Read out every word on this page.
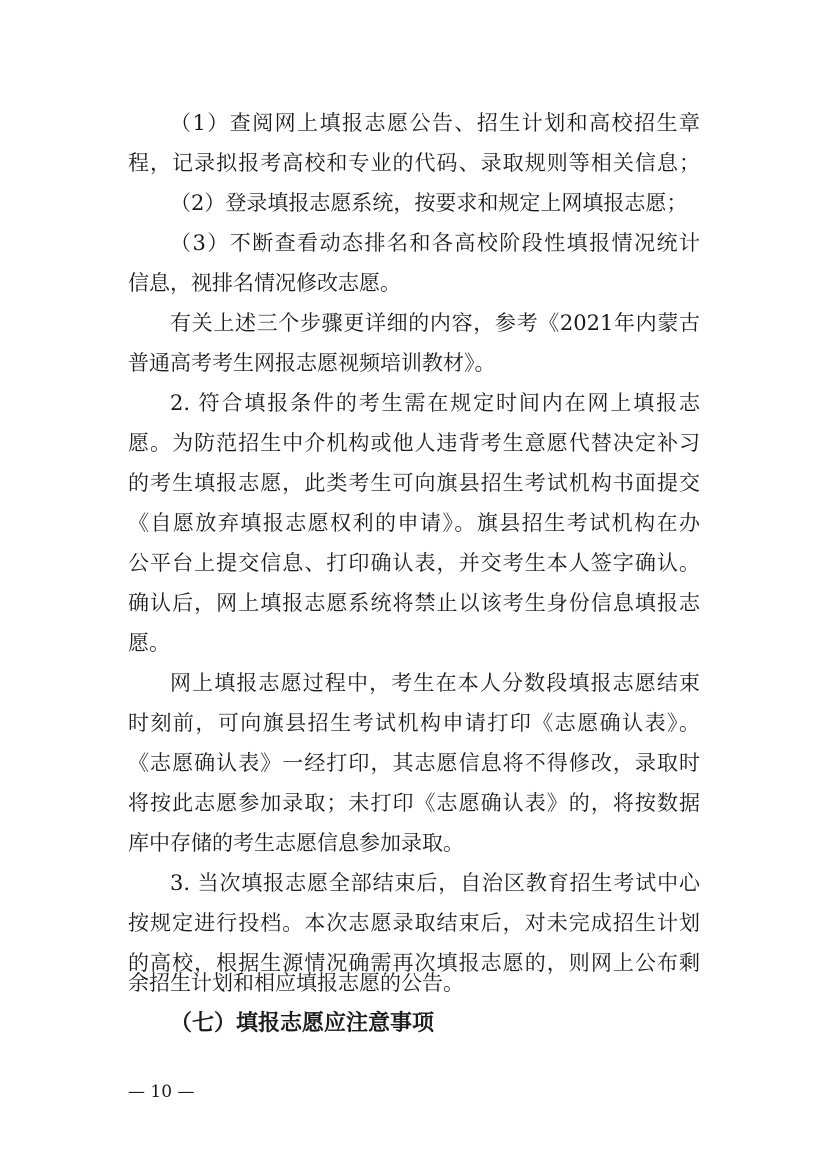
（1）查阅网上填报志愿公告、招生计划和高校招生章
程，记录拟报考高校和专业的代码、录取规则等相关信息；
（2）登录填报志愿系统，按要求和规定上网填报志愿；
（3）不断查看动态排名和各高校阶段性填报情况统计
信息，视排名情况修改志愿。
有关上述三个步骤更详细的内容，参考《2021年内蒙古
普通高考考生网报志愿视频培训教材》。
2. 符合填报条件的考生需在规定时间内在网上填报志
愿。为防范招生中介机构或他人违背考生意愿代替决定补习
的考生填报志愿，此类考生可向旗县招生考试机构书面提交
《自愿放弃填报志愿权利的申请》。旗县招生考试机构在办
公平台上提交信息、打印确认表，并交考生本人签字确认。
确认后，网上填报志愿系统将禁止以该考生身份信息填报志
愿。
网上填报志愿过程中，考生在本人分数段填报志愿结束
时刻前，可向旗县招生考试机构申请打印《志愿确认表》。
《志愿确认表》一经打印，其志愿信息将不得修改，录取时
将按此志愿参加录取；未打印《志愿确认表》的，将按数据
库中存储的考生志愿信息参加录取。
3. 当次填报志愿全部结束后，自治区教育招生考试中心
按规定进行投档。本次志愿录取结束后，对未完成招生计划
的高校，根据生源情况确需再次填报志愿的，则网上公布剩
余招生计划和相应填报志愿的公告。
（七）填报志愿应注意事项
— 10 —
